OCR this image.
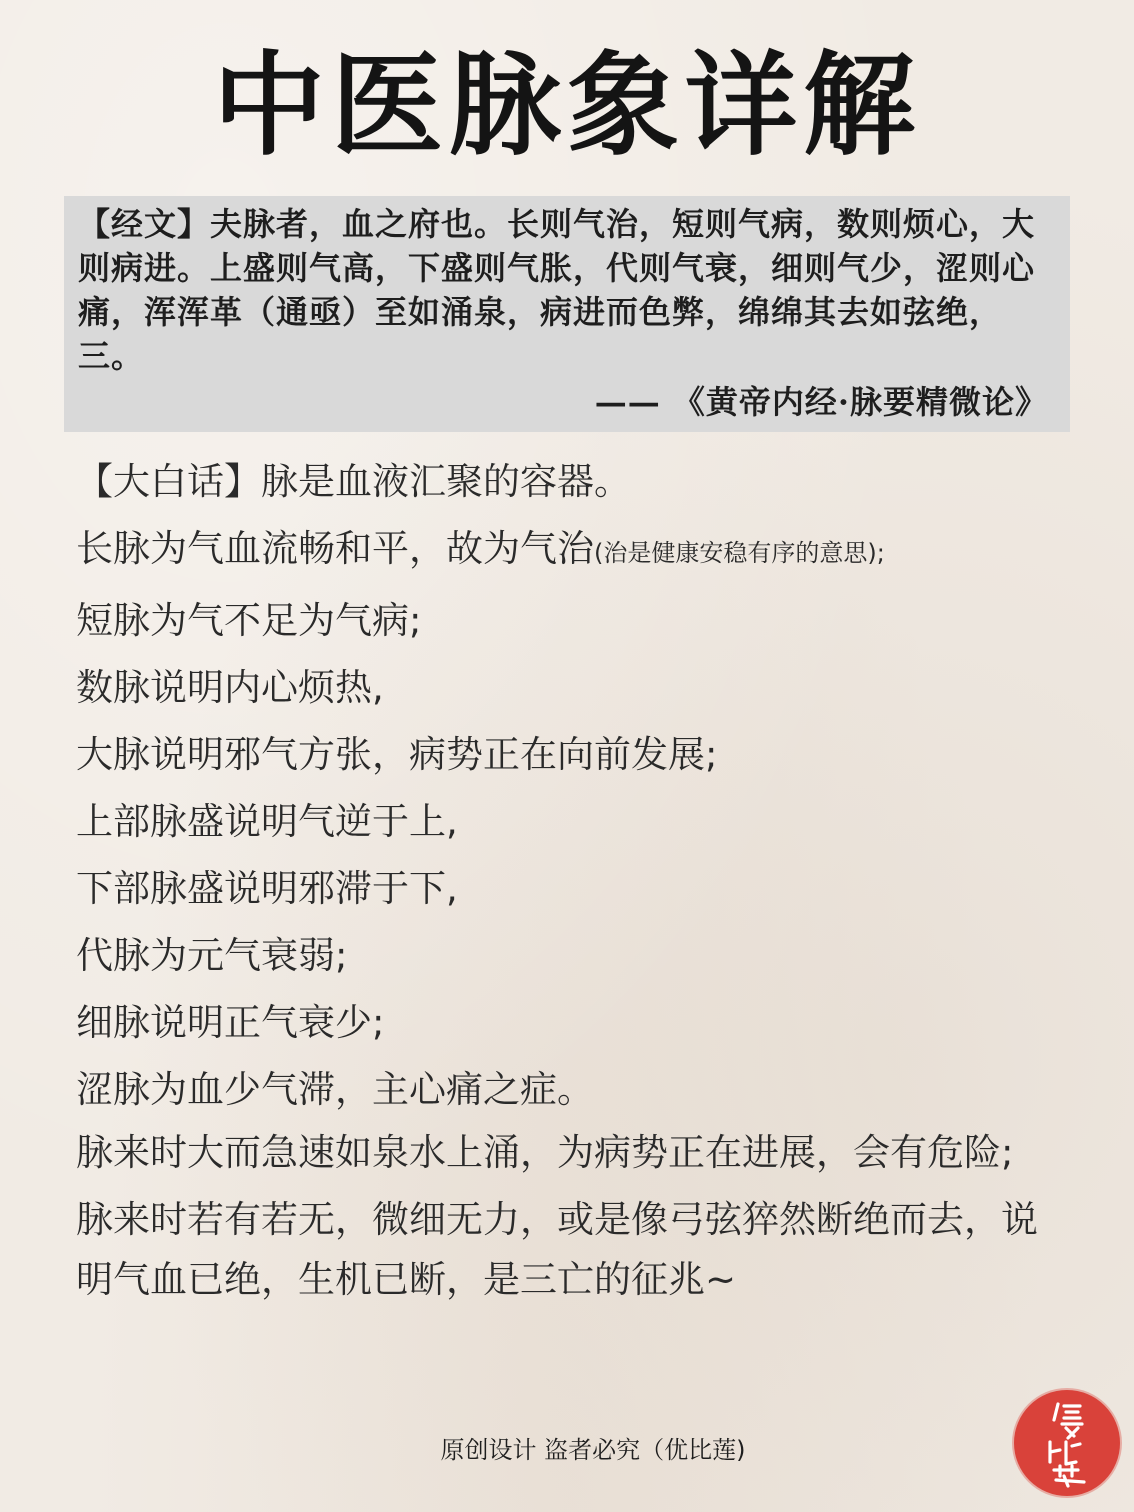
中医脉象详解

【经文】夫脉者，血之府也。长则气治，短则气病，数则烦心，大则病进。上盛则气高，下盛则气胀，代则气衰，细则气少，涩则心痛，浑浑革（通亟）至如涌泉，病进而色弊，绵绵其去如弦绝，三。

—— 《黄帝内经·脉要精微论》

【大白话】脉是血液汇聚的容器。

长脉为气血流畅和平，故为气治(治是健康安稳有序的意思);

短脉为气不足为气病;

数脉说明内心烦热,

大脉说明邪气方张，病势正在向前发展;

上部脉盛说明气逆于上,

下部脉盛说明邪滞于下,

代脉为元气衰弱;

细脉说明正气衰少;

涩脉为血少气滞，主心痛之症。

脉来时大而急速如泉水上涌，为病势正在进展，会有危险;

脉来时若有若无，微细无力，或是像弓弦猝然断绝而去，说明气血已绝，生机已断，是三亡的征兆~

原创设计 盗者必究（优比莲)
